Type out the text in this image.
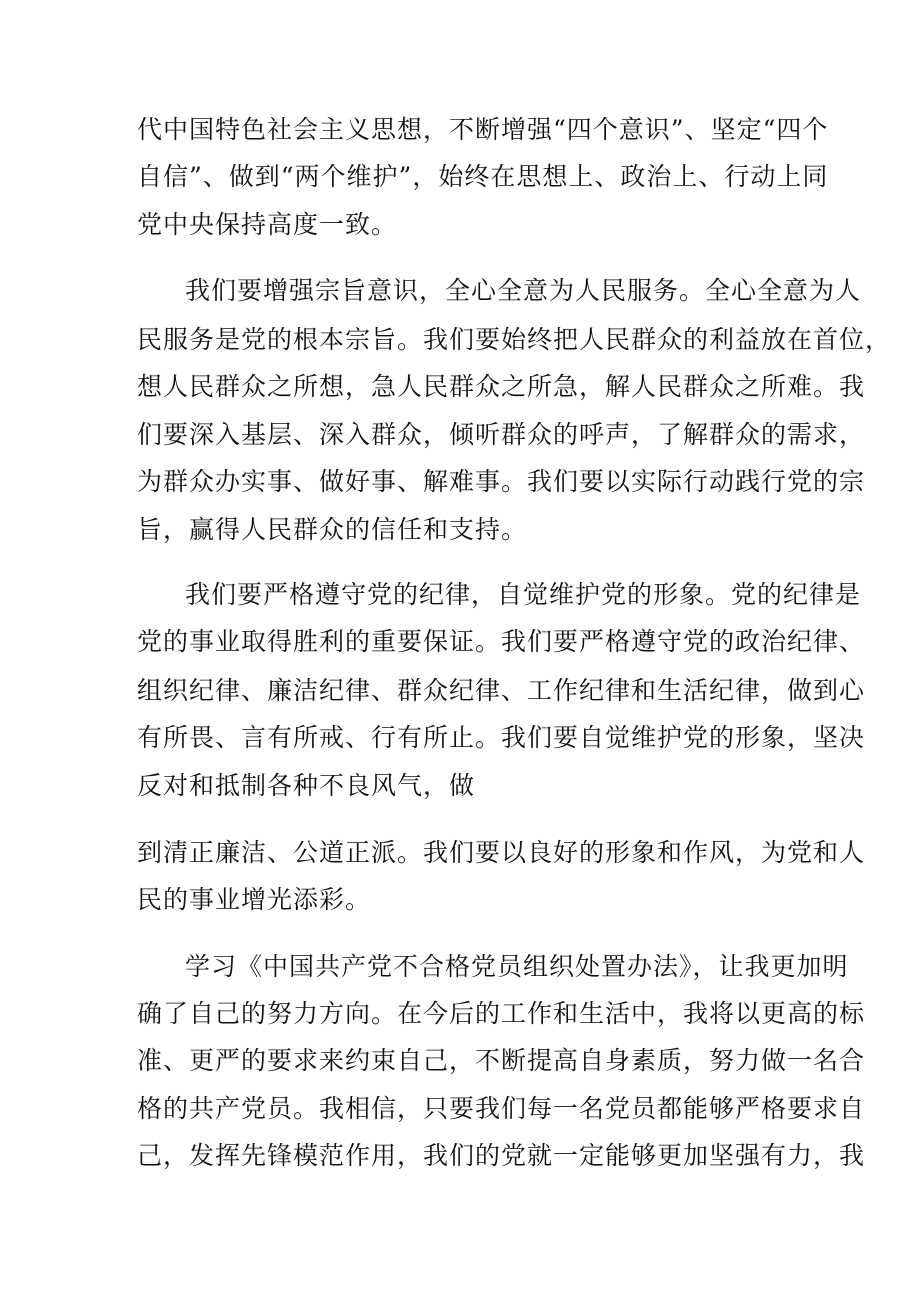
代中国特色社会主义思想，不断增强“四个意识”、坚定“四个

自信”、做到“两个维护”，始终在思想上、政治上、行动上同

党中央保持高度一致。

我们要增强宗旨意识，全心全意为人民服务。全心全意为人

民服务是党的根本宗旨。我们要始终把人民群众的利益放在首位，

想人民群众之所想，急人民群众之所急，解人民群众之所难。我

们要深入基层、深入群众，倾听群众的呼声，了解群众的需求，

为群众办实事、做好事、解难事。我们要以实际行动践行党的宗

旨，赢得人民群众的信任和支持。

我们要严格遵守党的纪律，自觉维护党的形象。党的纪律是

党的事业取得胜利的重要保证。我们要严格遵守党的政治纪律、

组织纪律、廉洁纪律、群众纪律、工作纪律和生活纪律，做到心

有所畏、言有所戒、行有所止。我们要自觉维护党的形象，坚决

反对和抵制各种不良风气，做

到清正廉洁、公道正派。我们要以良好的形象和作风，为党和人

民的事业增光添彩。

学习《中国共产党不合格党员组织处置办法》，让我更加明

确了自己的努力方向。在今后的工作和生活中，我将以更高的标

准、更严的要求来约束自己，不断提高自身素质，努力做一名合

格的共产党员。我相信，只要我们每一名党员都能够严格要求自

己，发挥先锋模范作用，我们的党就一定能够更加坚强有力，我
